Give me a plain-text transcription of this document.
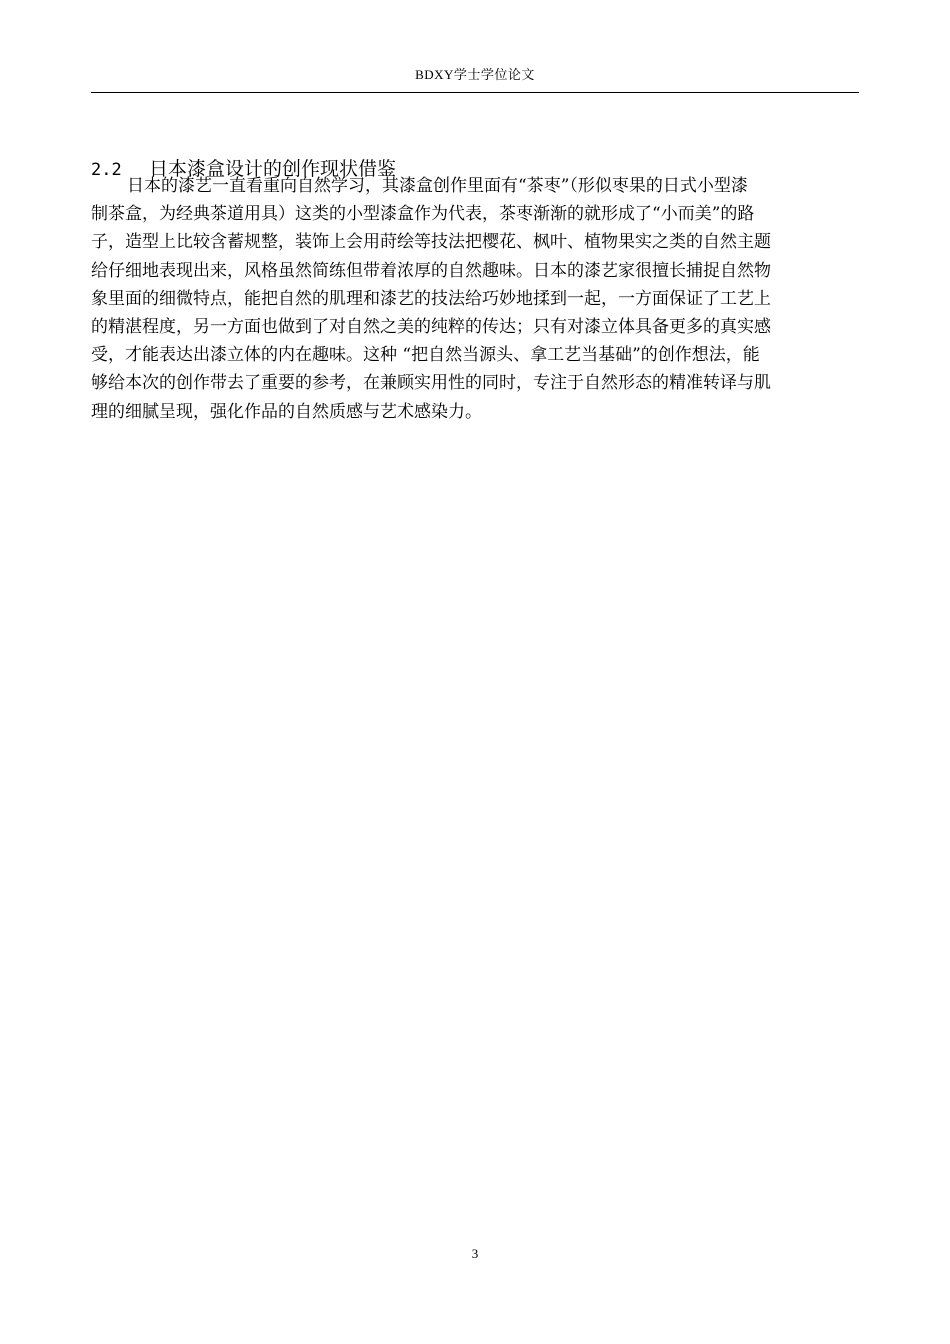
BDXY学士学位论文
2.2 日本漆盒设计的创作现状借鉴
日本的漆艺一直看重向自然学习，其漆盒创作里面有“茶枣”（形似枣果的日式小型漆
制茶盒，为经典茶道用具）这类的小型漆盒作为代表，茶枣渐渐的就形成了“小而美”的路
子，造型上比较含蓄规整，装饰上会用莳绘等技法把樱花、枫叶、植物果实之类的自然主题
给仔细地表现出来，风格虽然简练但带着浓厚的自然趣味。日本的漆艺家很擅长捕捉自然物
象里面的细微特点，能把自然的肌理和漆艺的技法给巧妙地揉到一起，一方面保证了工艺上
的精湛程度，另一方面也做到了对自然之美的纯粹的传达；只有对漆立体具备更多的真实感
受，才能表达出漆立体的内在趣味。这种 “把自然当源头、拿工艺当基础”的创作想法，能
够给本次的创作带去了重要的参考，在兼顾实用性的同时，专注于自然形态的精准转译与肌
理的细腻呈现，强化作品的自然质感与艺术感染力。
3
